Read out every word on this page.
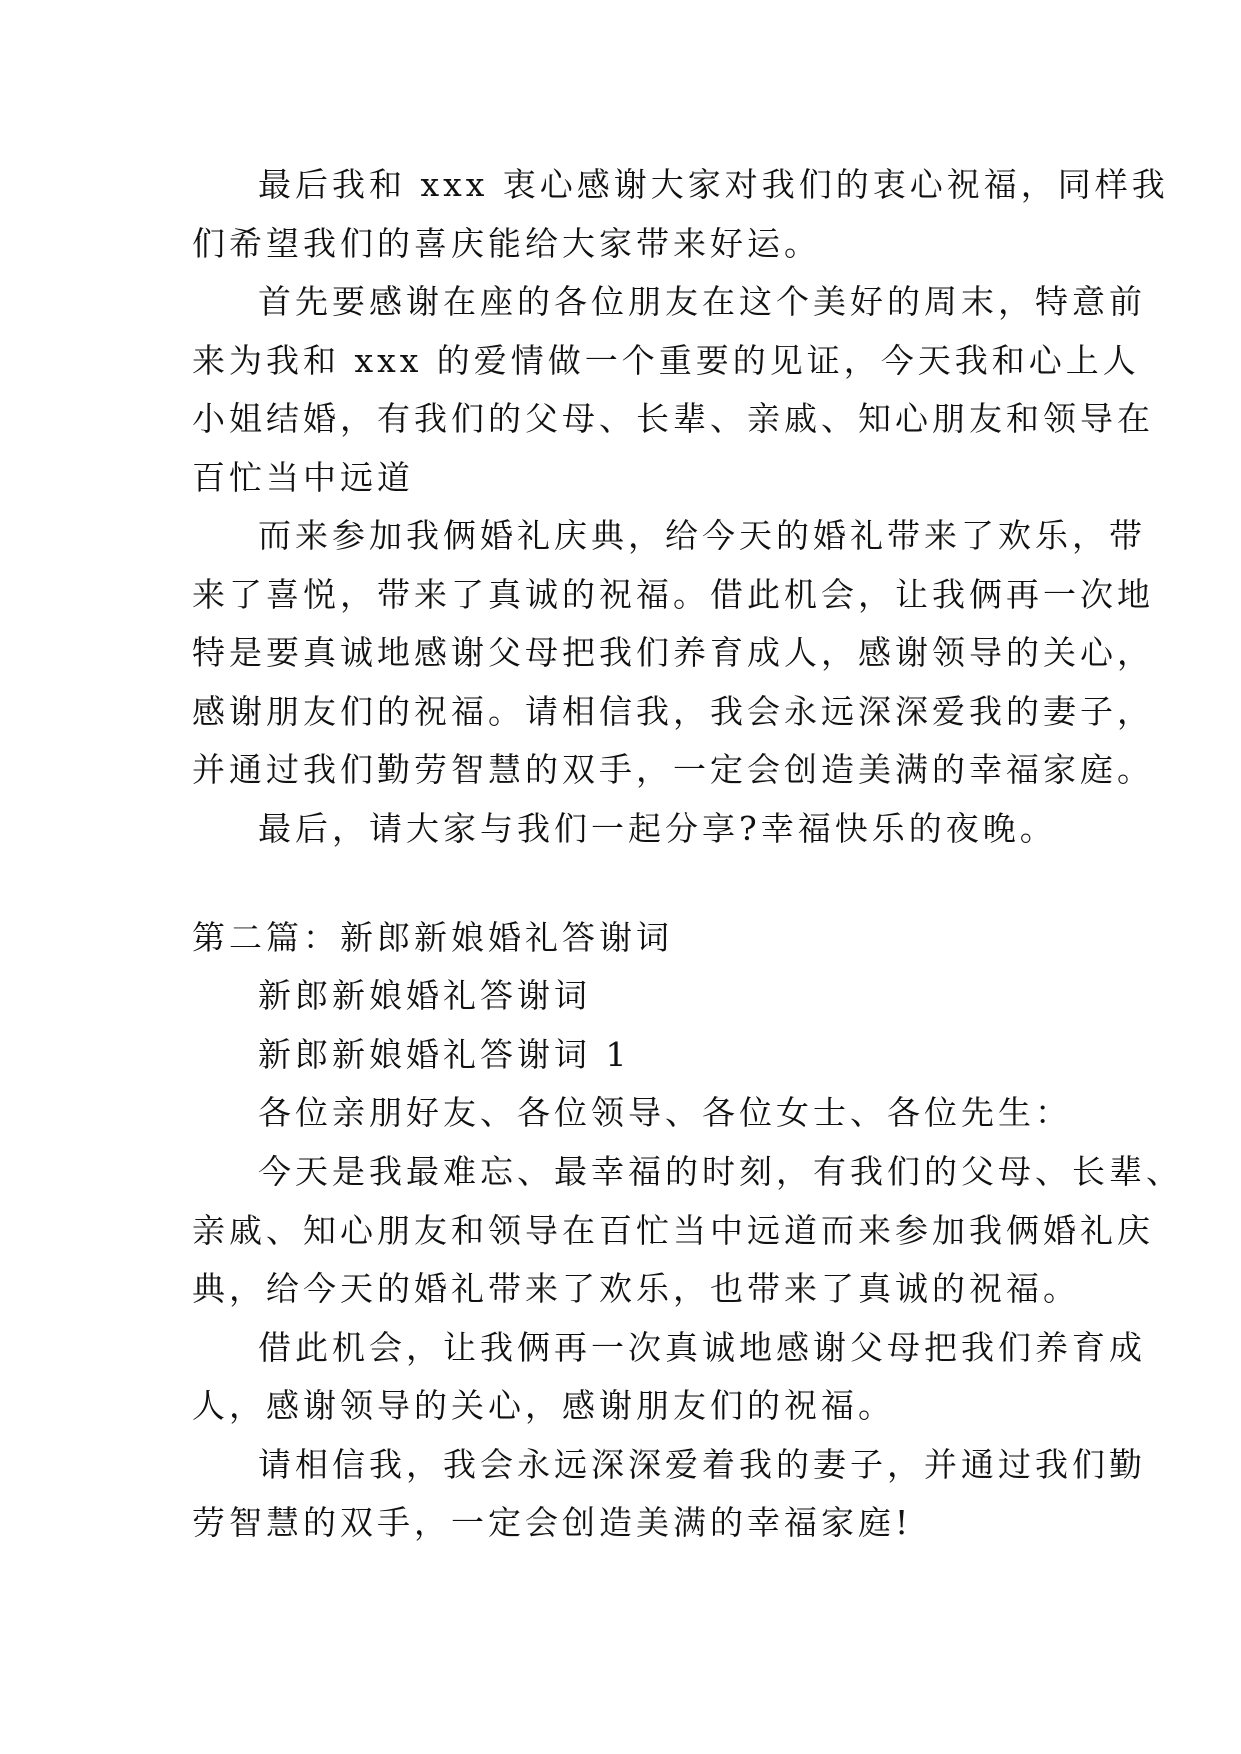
最后我和 xxx 衷心感谢大家对我们的衷心祝福，同样我
们希望我们的喜庆能给大家带来好运。
首先要感谢在座的各位朋友在这个美好的周末，特意前
来为我和 xxx 的爱情做一个重要的见证，今天我和心上人
小姐结婚，有我们的父母、长辈、亲戚、知心朋友和领导在
百忙当中远道
而来参加我俩婚礼庆典，给今天的婚礼带来了欢乐，带
来了喜悦，带来了真诚的祝福。借此机会，让我俩再一次地
特是要真诚地感谢父母把我们养育成人，感谢领导的关心，
感谢朋友们的祝福。请相信我，我会永远深深爱我的妻子，
并通过我们勤劳智慧的双手，一定会创造美满的幸福家庭。
最后，请大家与我们一起分享?幸福快乐的夜晚。
第二篇：新郎新娘婚礼答谢词
新郎新娘婚礼答谢词
新郎新娘婚礼答谢词 1
各位亲朋好友、各位领导、各位女士、各位先生：
今天是我最难忘、最幸福的时刻，有我们的父母、长辈、
亲戚、知心朋友和领导在百忙当中远道而来参加我俩婚礼庆
典，给今天的婚礼带来了欢乐，也带来了真诚的祝福。
借此机会，让我俩再一次真诚地感谢父母把我们养育成
人，感谢领导的关心，感谢朋友们的祝福。
请相信我，我会永远深深爱着我的妻子，并通过我们勤
劳智慧的双手，一定会创造美满的幸福家庭!
